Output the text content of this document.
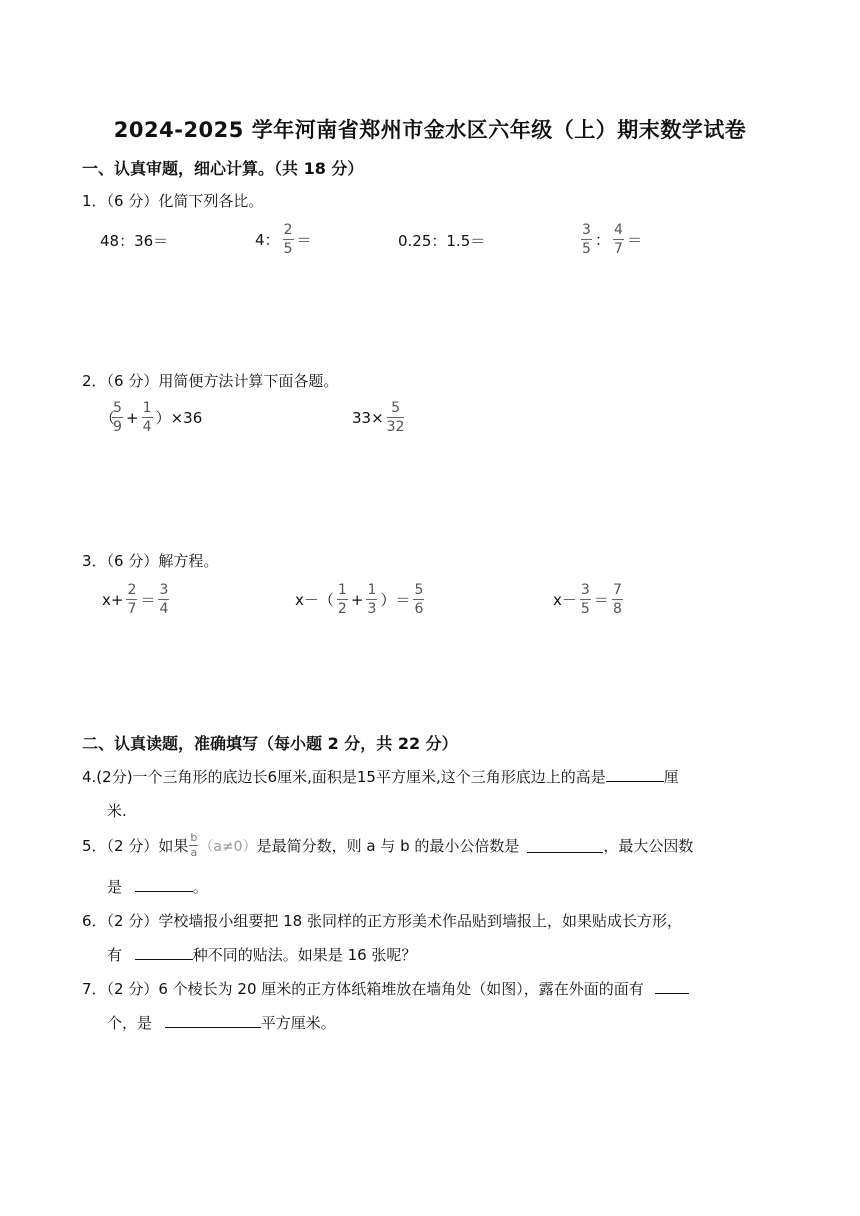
2024-2025 学年河南省郑州市金水区六年级（上）期末数学试卷
一、认真审题，细心计算。（共 18 分）
1．（6 分）化简下列各比。
48：36＝	4： $\frac{2}{5}$ ＝	0.25：1.5＝	$\frac{3}{5}$ ： $\frac{4}{7}$ ＝
2．（6 分）用简便方法计算下面各题。
（
$\frac{5}{9} + \frac{1}{4} )\times 36$	$33\times \frac{5}{32}$
3．（6 分）解方程。
$x+ \frac{2}{7} = \frac{3}{4}$	$x-( \frac{1}{2} + \frac{1}{3}$ ）＝ $\frac{5}{6}$	$x- \frac{3}{5} = \frac{7}{8}$
二、认真读题，准确填写（每小题 2 分，共 22 分）
4.(2分)一个三角形的底边长6厘米,面积是15平方厘米,这个三角形底边上的高是	厘
米.
5．（2 分）如果 $\frac{b}{a} (a\ne 0)$ 是最简分数，则 a 与 b 的最小公倍数是	，最大公因数
是	。
6．（2 分）学校墙报小组要把 18 张同样的正方形美术作品贴到墙报上，如果贴成长方形，
有	种不同的贴法。如果是 16 张呢？
7．（2 分）6 个棱长为 20 厘米的正方体纸箱堆放在墙角处（如图），露在外面的面有
个，是	平方厘米。
